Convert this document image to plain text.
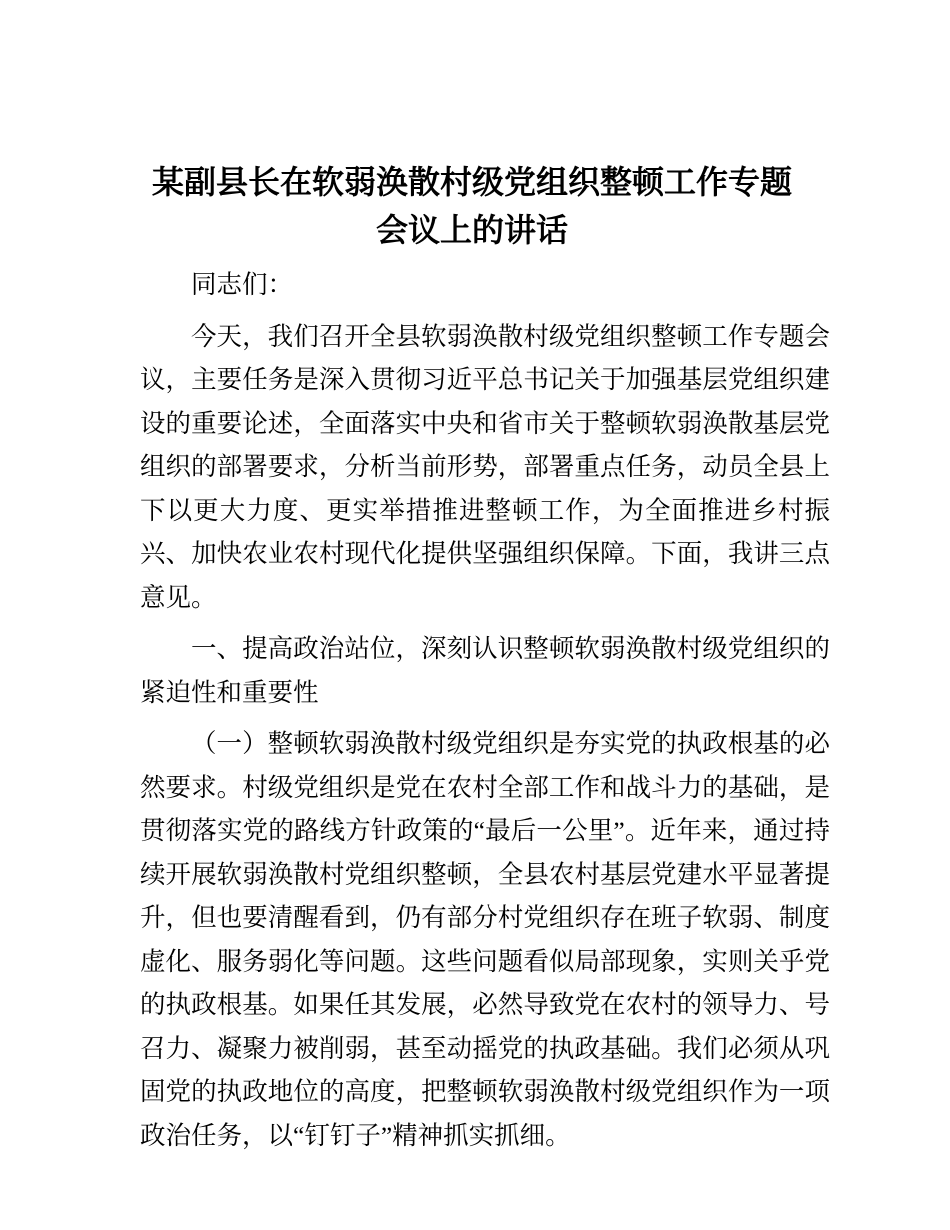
某副县长在软弱涣散村级党组织整顿工作专题会议上的讲话

同志们：

今天，我们召开全县软弱涣散村级党组织整顿工作专题会议，主要任务是深入贯彻习近平总书记关于加强基层党组织建设的重要论述，全面落实中央和省市关于整顿软弱涣散基层党组织的部署要求，分析当前形势，部署重点任务，动员全县上下以更大力度、更实举措推进整顿工作，为全面推进乡村振兴、加快农业农村现代化提供坚强组织保障。下面，我讲三点意见。

一、提高政治站位，深刻认识整顿软弱涣散村级党组织的紧迫性和重要性

（一）整顿软弱涣散村级党组织是夯实党的执政根基的必然要求。村级党组织是党在农村全部工作和战斗力的基础，是贯彻落实党的路线方针政策的“最后一公里”。近年来，通过持续开展软弱涣散村党组织整顿，全县农村基层党建水平显著提升，但也要清醒看到，仍有部分村党组织存在班子软弱、制度虚化、服务弱化等问题。这些问题看似局部现象，实则关乎党的执政根基。如果任其发展，必然导致党在农村的领导力、号召力、凝聚力被削弱，甚至动摇党的执政基础。我们必须从巩固党的执政地位的高度，把整顿软弱涣散村级党组织作为一项政治任务，以“钉钉子”精神抓实抓细。
